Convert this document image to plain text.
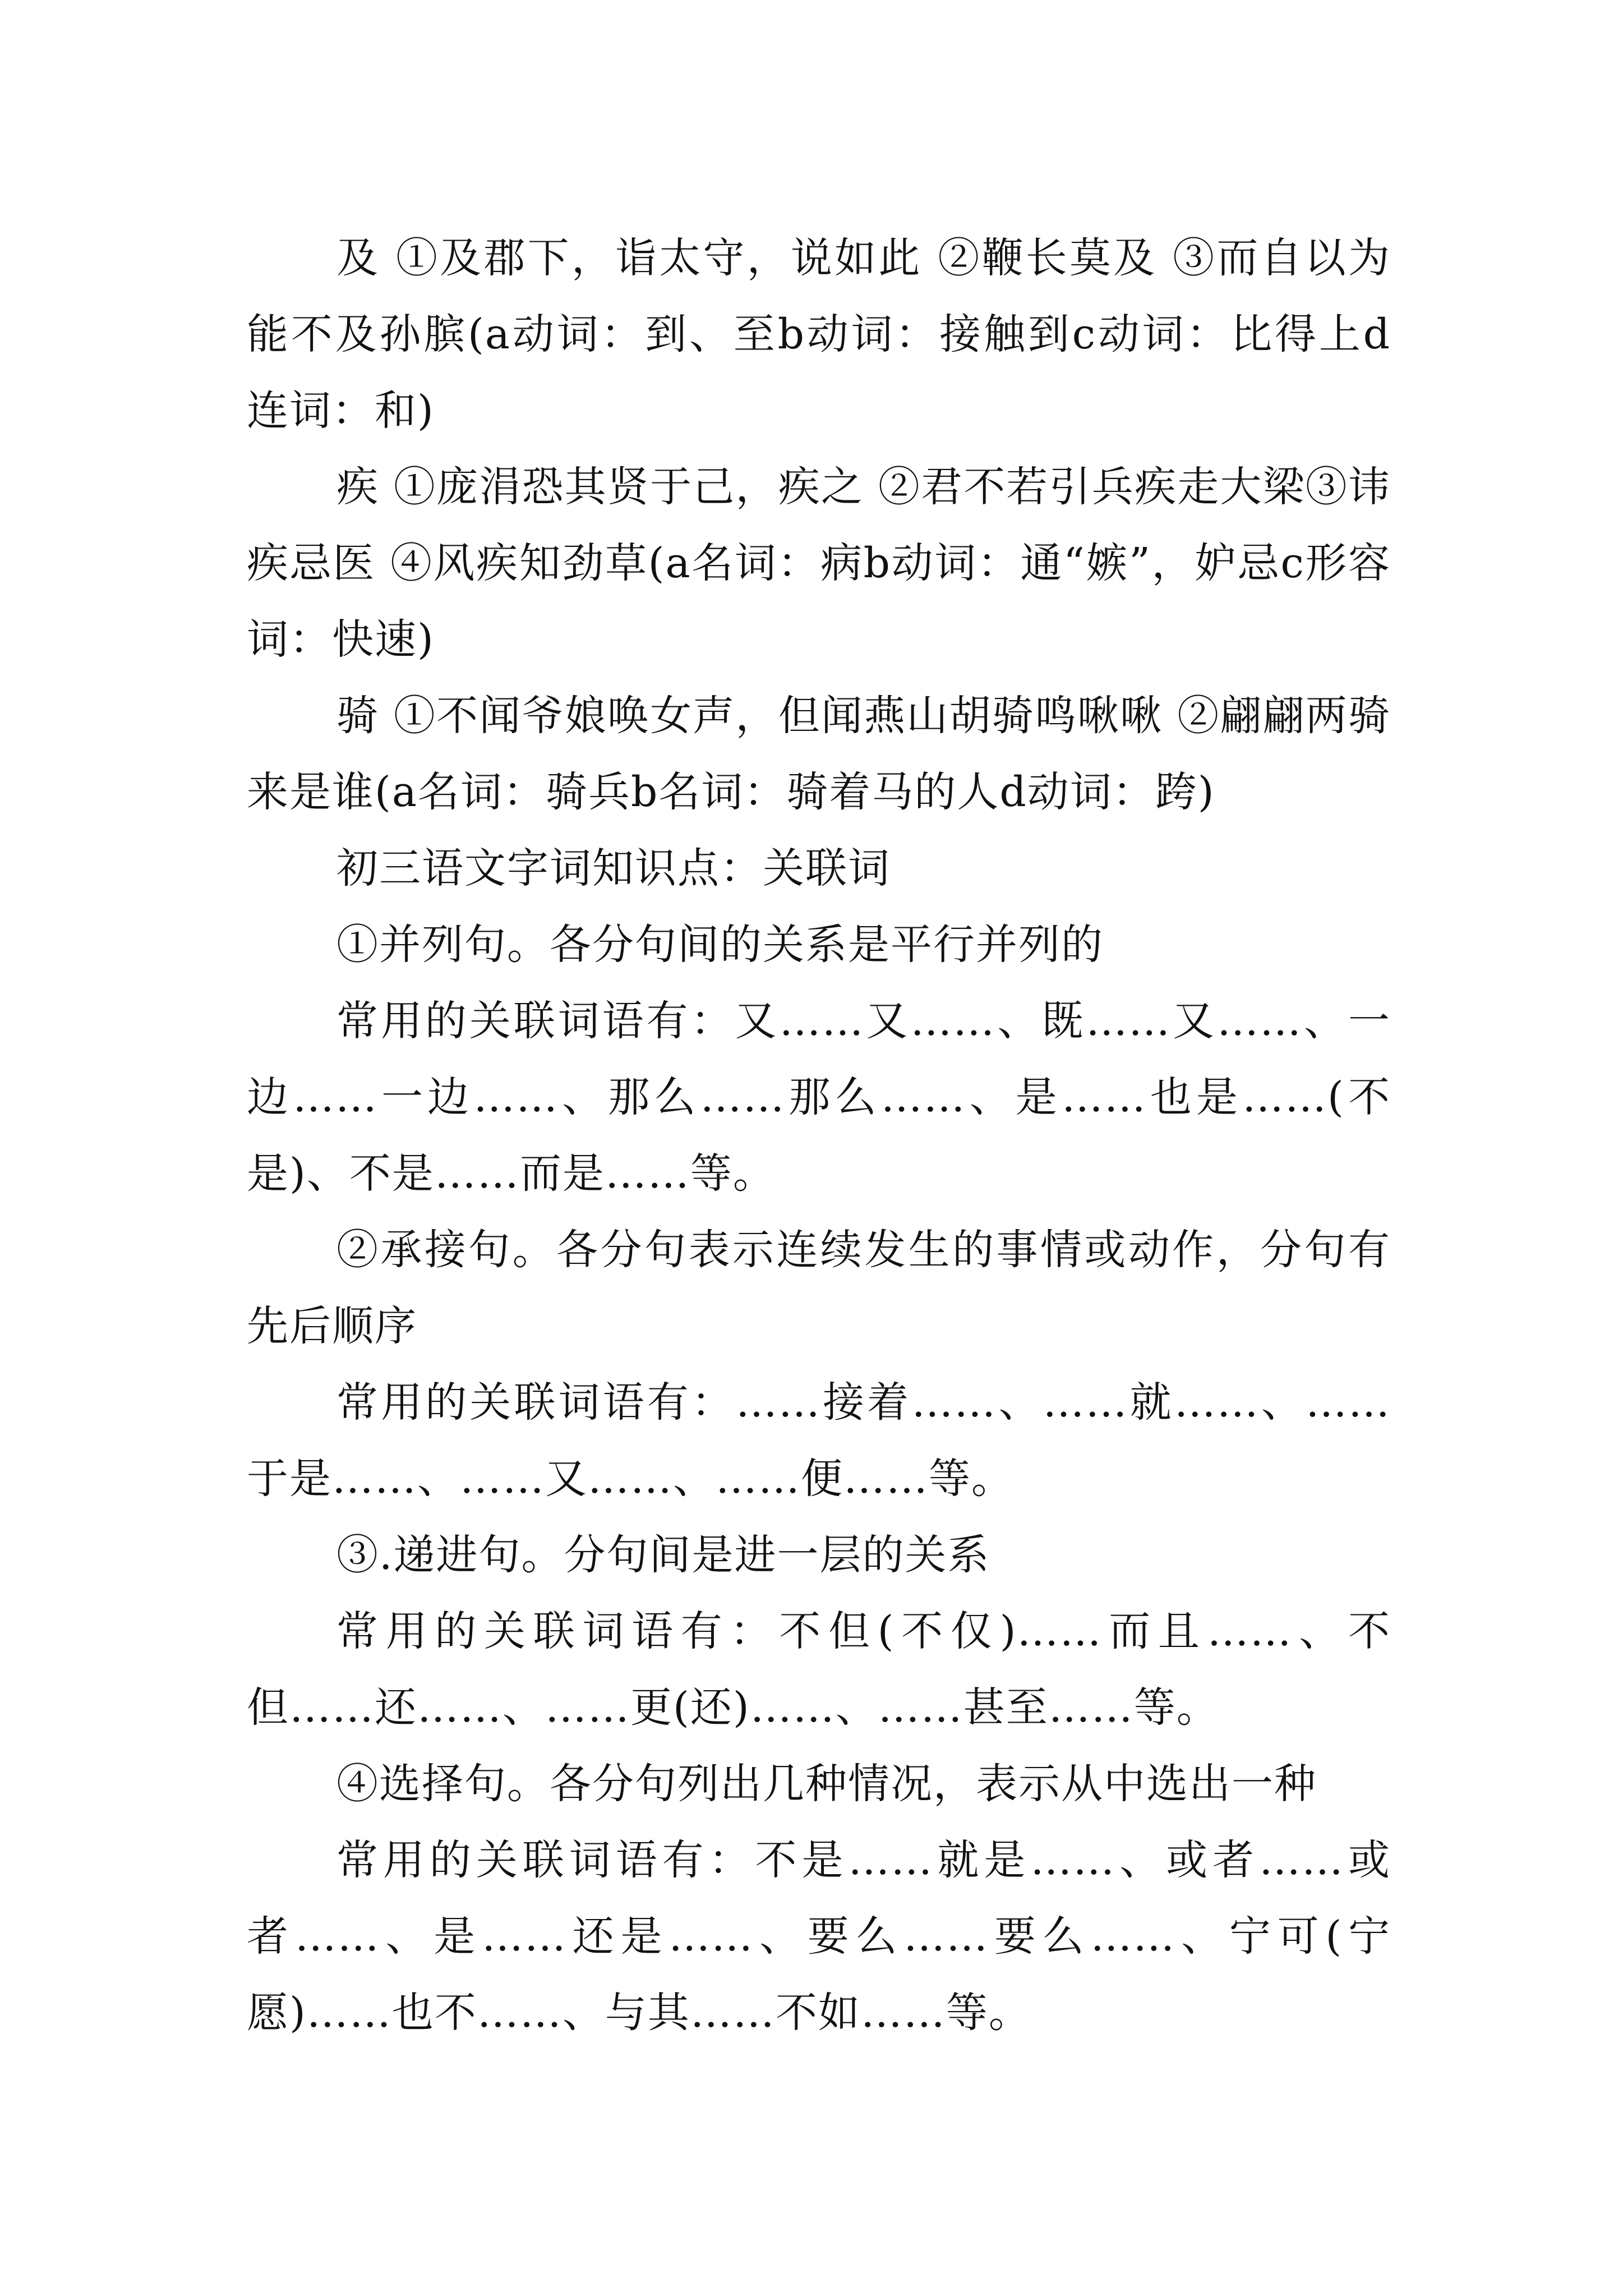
及 ①及郡下，诣太守，说如此 ②鞭长莫及 ③而自以为能不及孙膑(a动词：到、至b动词：接触到c动词：比得上d连词：和)

疾 ①庞涓恐其贤于己，疾之 ②君不若引兵疾走大梁③讳疾忌医 ④风疾知劲草(a名词：病b动词：通“嫉”，妒忌c形容词：快速)

骑 ①不闻爷娘唤女声，但闻燕山胡骑鸣啾啾 ②翩翩两骑来是谁(a名词：骑兵b名词：骑着马的人d动词：跨)

初三语文字词知识点：关联词

①并列句。各分句间的关系是平行并列的

常用的关联词语有：又……又……、既……又……、一边……一边……、那么……那么……、是……也是……(不是)、不是……而是……等。

②承接句。各分句表示连续发生的事情或动作，分句有先后顺序

常用的关联词语有：……接着……、……就……、……于是……、……又……、……便……等。

③.递进句。分句间是进一层的关系

常用的关联词语有：不但(不仅)……而且……、不但……还……、……更(还)……、……甚至……等。

④选择句。各分句列出几种情况，表示从中选出一种

常用的关联词语有：不是……就是……、或者……或者……、是……还是……、要么……要么……、宁可(宁愿)……也不……、与其……不如……等。
